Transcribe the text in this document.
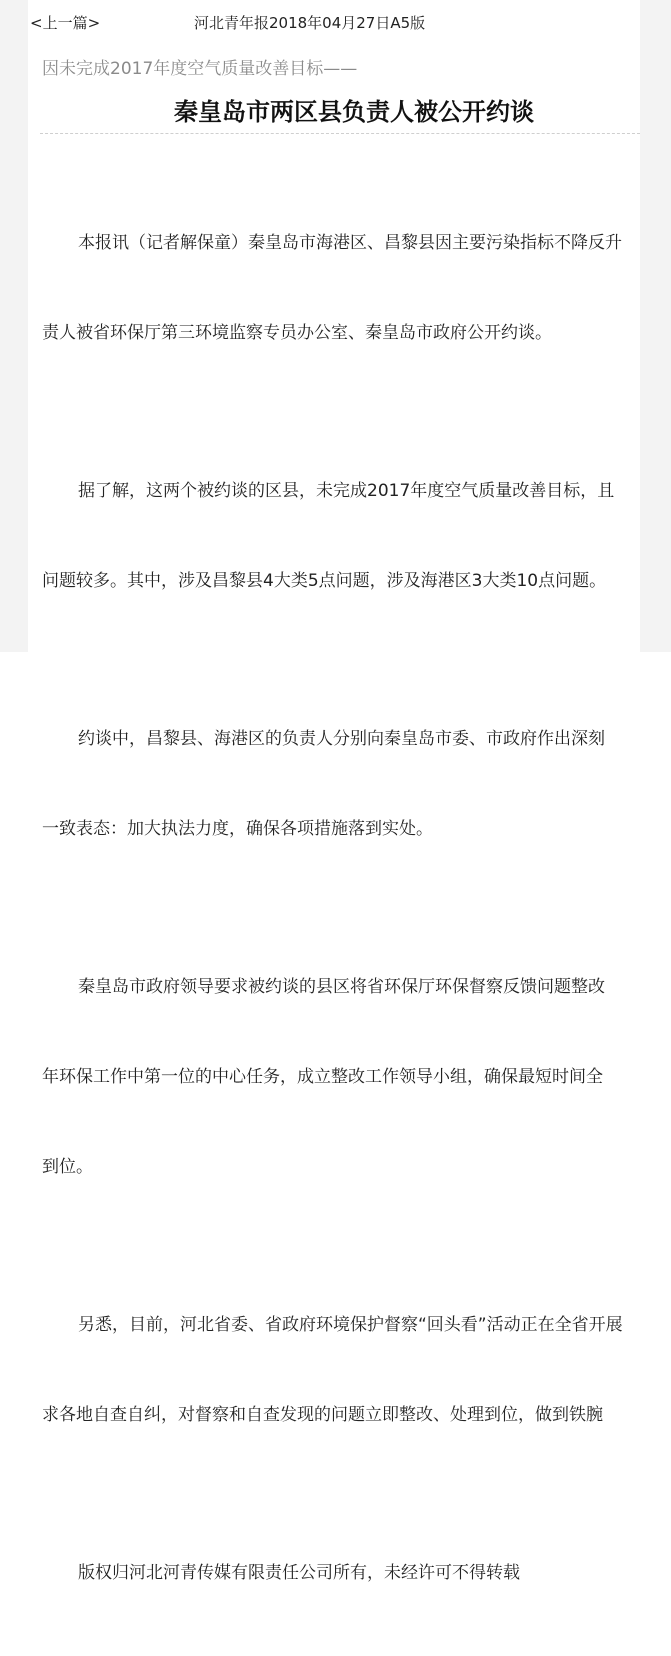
<上一篇>	河北青年报2018年04月27日A5版
因未完成2017年度空气质量改善目标——
秦皇岛市两区县负责人被公开约谈

本报讯（记者解保童）秦皇岛市海港区、昌黎县因主要污染指标不降反升

责人被省环保厅第三环境监察专员办公室、秦皇岛市政府公开约谈。

据了解，这两个被约谈的区县，未完成2017年度空气质量改善目标，且

问题较多。其中，涉及昌黎县4大类5点问题，涉及海港区3大类10点问题。

约谈中，昌黎县、海港区的负责人分别向秦皇岛市委、市政府作出深刻

一致表态：加大执法力度，确保各项措施落到实处。

秦皇岛市政府领导要求被约谈的县区将省环保厅环保督察反馈问题整改

年环保工作中第一位的中心任务，成立整改工作领导小组，确保最短时间全

到位。

另悉，目前，河北省委、省政府环境保护督察“回头看”活动正在全省开展

求各地自查自纠，对督察和自查发现的问题立即整改、处理到位，做到铁腕

版权归河北河青传媒有限责任公司所有，未经许可不得转载
